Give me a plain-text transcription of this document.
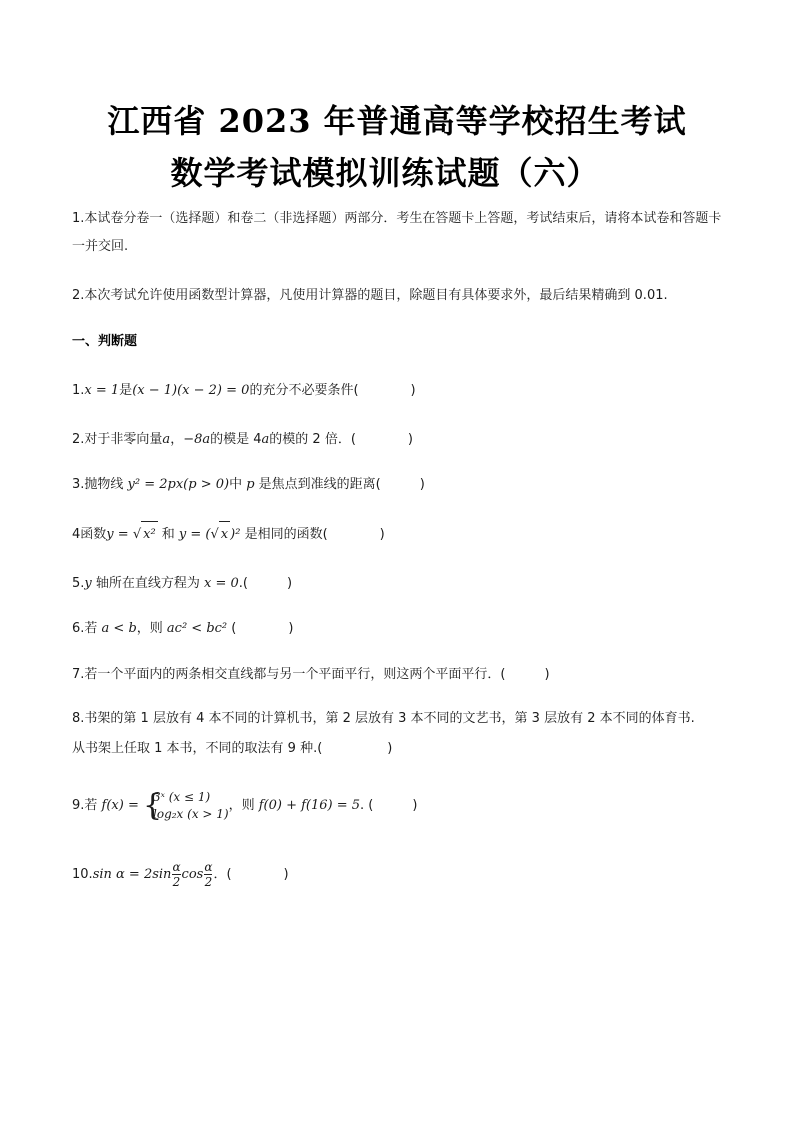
江西省 2023 年普通高等学校招生考试
数学考试模拟训练试题（六）
1.本试卷分卷一（选择题）和卷二（非选择题）两部分．考生在答题卡上答题，考试结束后，请将本试卷和答题卡一并交回.
2.本次考试允许使用函数型计算器，凡使用计算器的题目，除题目有具体要求外，最后结果精确到 0.01.
一、判断题
1.x = 1是(x − 1)(x − 2) = 0的充分不必要条件(　　　　)
2.对于非零向量a，−8a的模是 4a的模的 2 倍．(　　　　)
3.抛物线 y² = 2px(p > 0)中 p 是焦点到准线的距离(　　　)
4函数y = √ x² 和 y = (√ x )² 是相同的函数(　　　　)
5.y 轴所在直线方程为 x = 0.(　　　)
6.若 a < b，则 ac² < bc² (　　　　)
7.若一个平面内的两条相交直线都与另一个平面平行，则这两个平面平行．(　　　)
8.书架的第 1 层放有 4 本不同的计算机书，第 2 层放有 3 本不同的文艺书，第 3 层放有 2 本不同的体育书.
从书架上任取 1 本书，不同的取法有 9 种.(　　　　　)
9.若 f(x) = {
3ˣ (x ≤ 1)
log₂x (x > 1)
，则 f(0) + f(16) = 5. (　　　)
10.sin $\alpha = 2\sin \frac{\alpha}{2}$ $\cos \frac{\alpha}{2}$ ．(　　　　)
